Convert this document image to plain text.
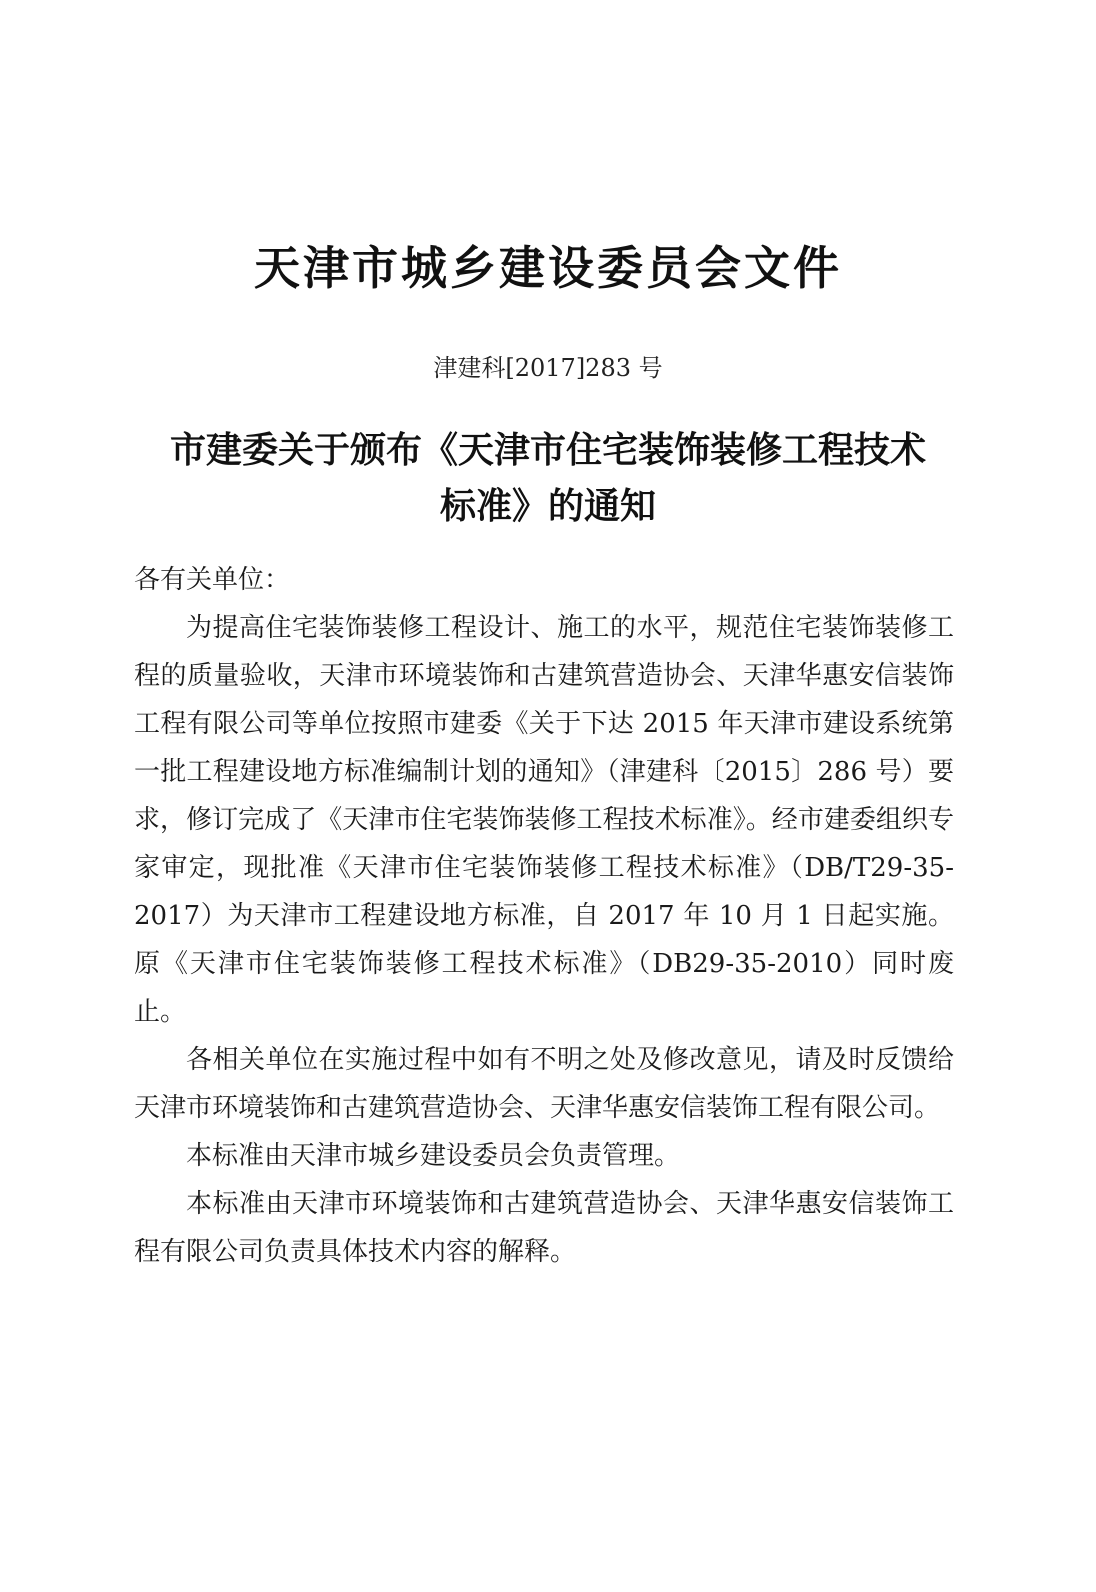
天津市城乡建设委员会文件
津建科[2017]283 号
市建委关于颁布《天津市住宅装饰装修工程技术
标准》的通知

各有关单位：

为提高住宅装饰装修工程设计、施工的水平，规范住宅装饰装修工程的质量验收，天津市环境装饰和古建筑营造协会、天津华惠安信装饰工程有限公司等单位按照市建委《关于下达 2015 年天津市建设系统第一批工程建设地方标准编制计划的通知》（津建科〔2015〕286 号）要求，修订完成了《天津市住宅装饰装修工程技术标准》。经市建委组织专家审定，现批准《天津市住宅装饰装修工程技术标准》（DB/T29-35-2017）为天津市工程建设地方标准，自 2017 年 10 月 1 日起实施。原《天津市住宅装饰装修工程技术标准》（DB29-35-2010）同时废止。

各相关单位在实施过程中如有不明之处及修改意见，请及时反馈给天津市环境装饰和古建筑营造协会、天津华惠安信装饰工程有限公司。

本标准由天津市城乡建设委员会负责管理。

本标准由天津市环境装饰和古建筑营造协会、天津华惠安信装饰工程有限公司负责具体技术内容的解释。
